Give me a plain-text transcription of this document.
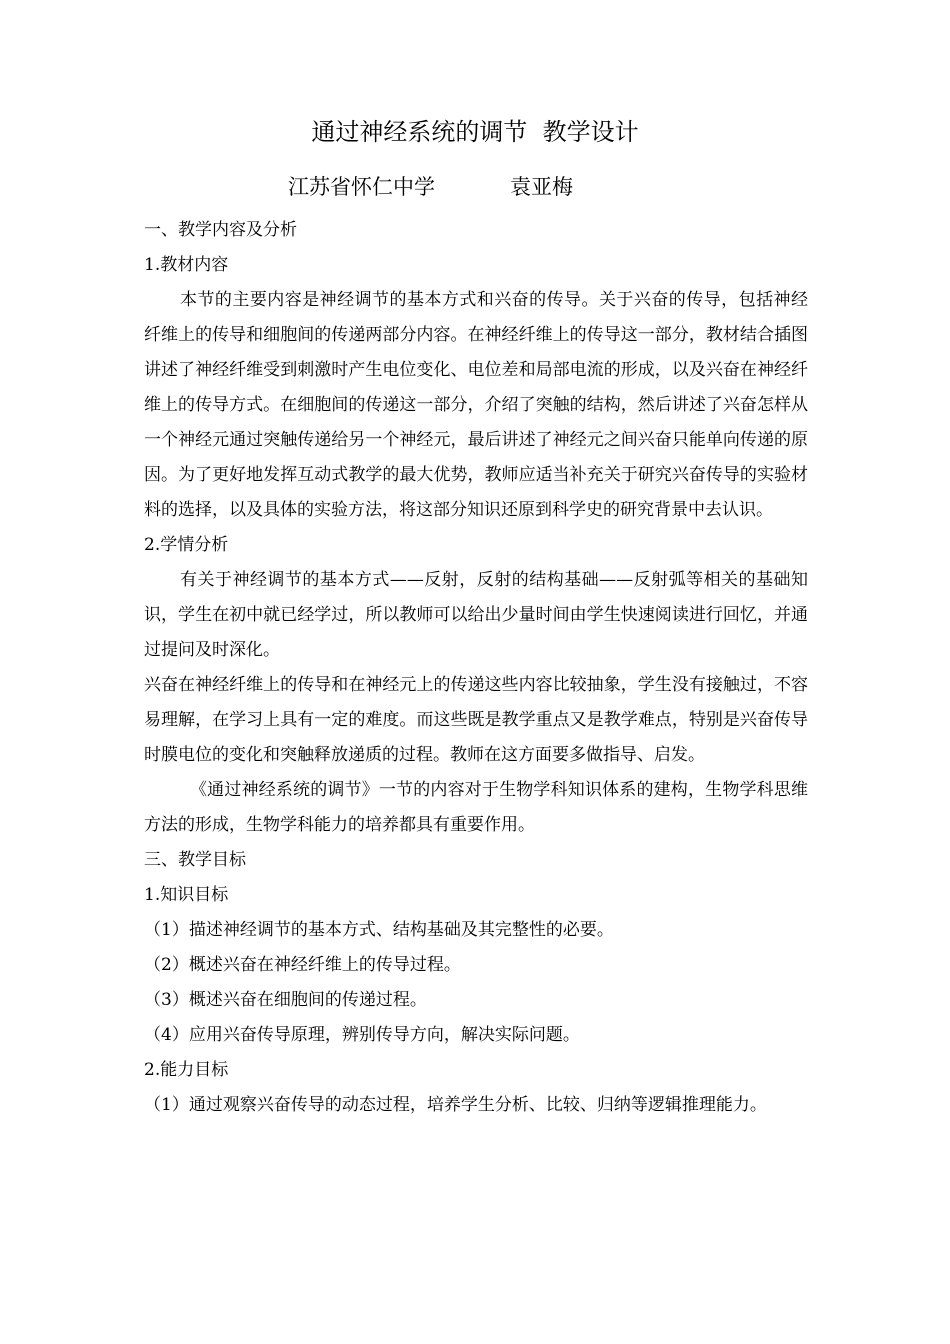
通过神经系统的调节  教学设计
江苏省怀仁中学	袁亚梅

一、教学内容及分析

1.教材内容

本节的主要内容是神经调节的基本方式和兴奋的传导。关于兴奋的传导，包括神经纤维上的传导和细胞间的传递两部分内容。在神经纤维上的传导这一部分，教材结合插图讲述了神经纤维受到刺激时产生电位变化、电位差和局部电流的形成，以及兴奋在神经纤维上的传导方式。在细胞间的传递这一部分，介绍了突触的结构，然后讲述了兴奋怎样从一个神经元通过突触传递给另一个神经元，最后讲述了神经元之间兴奋只能单向传递的原因。为了更好地发挥互动式教学的最大优势，教师应适当补充关于研究兴奋传导的实验材料的选择，以及具体的实验方法，将这部分知识还原到科学史的研究背景中去认识。

2.学情分析

有关于神经调节的基本方式——反射，反射的结构基础——反射弧等相关的基础知识，学生在初中就已经学过，所以教师可以给出少量时间由学生快速阅读进行回忆，并通过提问及时深化。

兴奋在神经纤维上的传导和在神经元上的传递这些内容比较抽象，学生没有接触过，不容易理解，在学习上具有一定的难度。而这些既是教学重点又是教学难点，特别是兴奋传导时膜电位的变化和突触释放递质的过程。教师在这方面要多做指导、启发。

《通过神经系统的调节》一节的内容对于生物学科知识体系的建构，生物学科思维方法的形成，生物学科能力的培养都具有重要作用。

三、教学目标

1.知识目标

（1）描述神经调节的基本方式、结构基础及其完整性的必要。

（2）概述兴奋在神经纤维上的传导过程。

（3）概述兴奋在细胞间的传递过程。

（4）应用兴奋传导原理，辨别传导方向，解决实际问题。

2.能力目标

（1）通过观察兴奋传导的动态过程，培养学生分析、比较、归纳等逻辑推理能力。
